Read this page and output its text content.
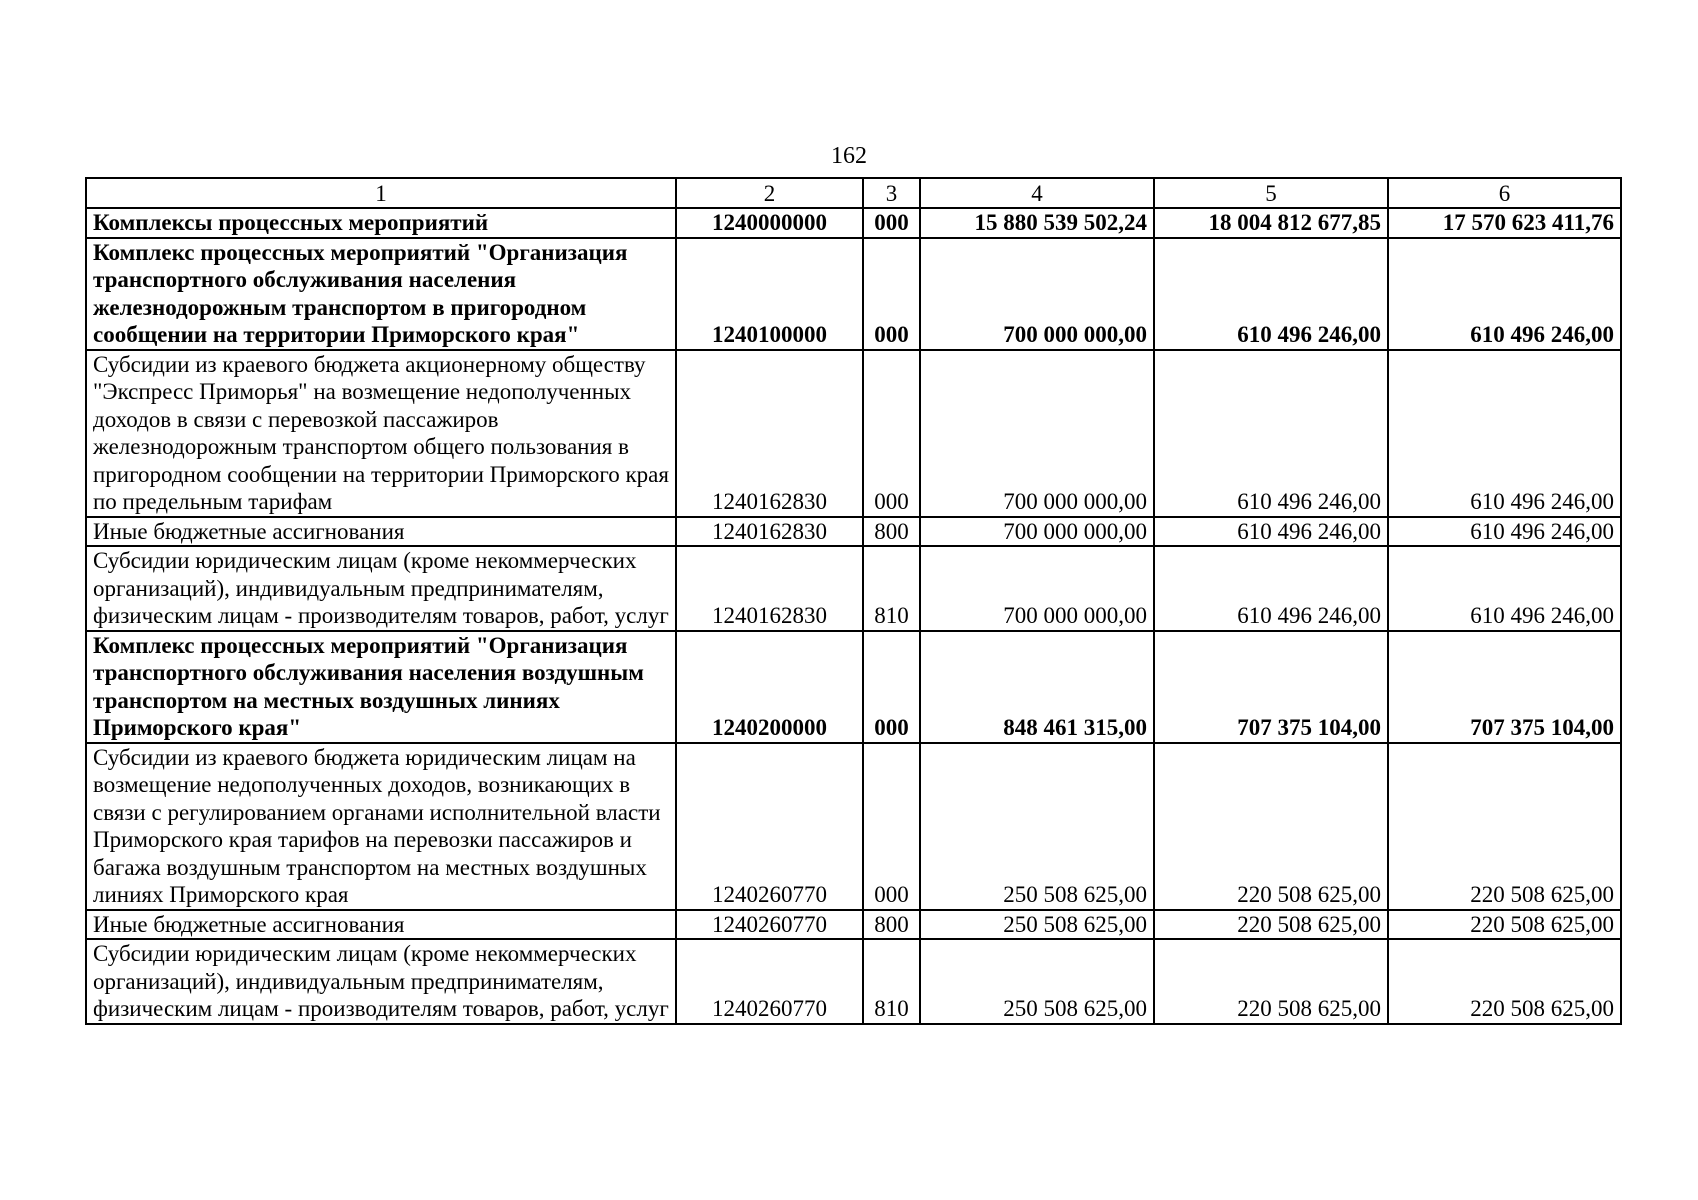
162
1	2	3	4	5	6
Комплексы процессных мероприятий	1240000000	000	15 880 539 502,24	18 004 812 677,85	17 570 623 411,76
Комплекс процессных мероприятий "Организация транспортного обслуживания населения железнодорожным транспортом в пригородном сообщении на территории Приморского края"	1240100000	000	700 000 000,00	610 496 246,00	610 496 246,00
Субсидии из краевого бюджета акционерному обществу "Экспресс Приморья" на возмещение недополученных доходов в связи с перевозкой пассажиров железнодорожным транспортом общего пользования в пригородном сообщении на территории Приморского края по предельным тарифам	1240162830	000	700 000 000,00	610 496 246,00	610 496 246,00
Иные бюджетные ассигнования	1240162830	800	700 000 000,00	610 496 246,00	610 496 246,00
Субсидии юридическим лицам (кроме некоммерческих организаций), индивидуальным предпринимателям, физическим лицам - производителям товаров, работ, услуг	1240162830	810	700 000 000,00	610 496 246,00	610 496 246,00
Комплекс процессных мероприятий "Организация транспортного обслуживания населения воздушным транспортом на местных воздушных линиях Приморского края"	1240200000	000	848 461 315,00	707 375 104,00	707 375 104,00
Субсидии из краевого бюджета юридическим лицам на возмещение недополученных доходов, возникающих в связи с регулированием органами исполнительной власти Приморского края тарифов на перевозки пассажиров и багажа воздушным транспортом на местных воздушных линиях Приморского края	1240260770	000	250 508 625,00	220 508 625,00	220 508 625,00
Иные бюджетные ассигнования	1240260770	800	250 508 625,00	220 508 625,00	220 508 625,00
Субсидии юридическим лицам (кроме некоммерческих организаций), индивидуальным предпринимателям, физическим лицам - производителям товаров, работ, услуг	1240260770	810	250 508 625,00	220 508 625,00	220 508 625,00
